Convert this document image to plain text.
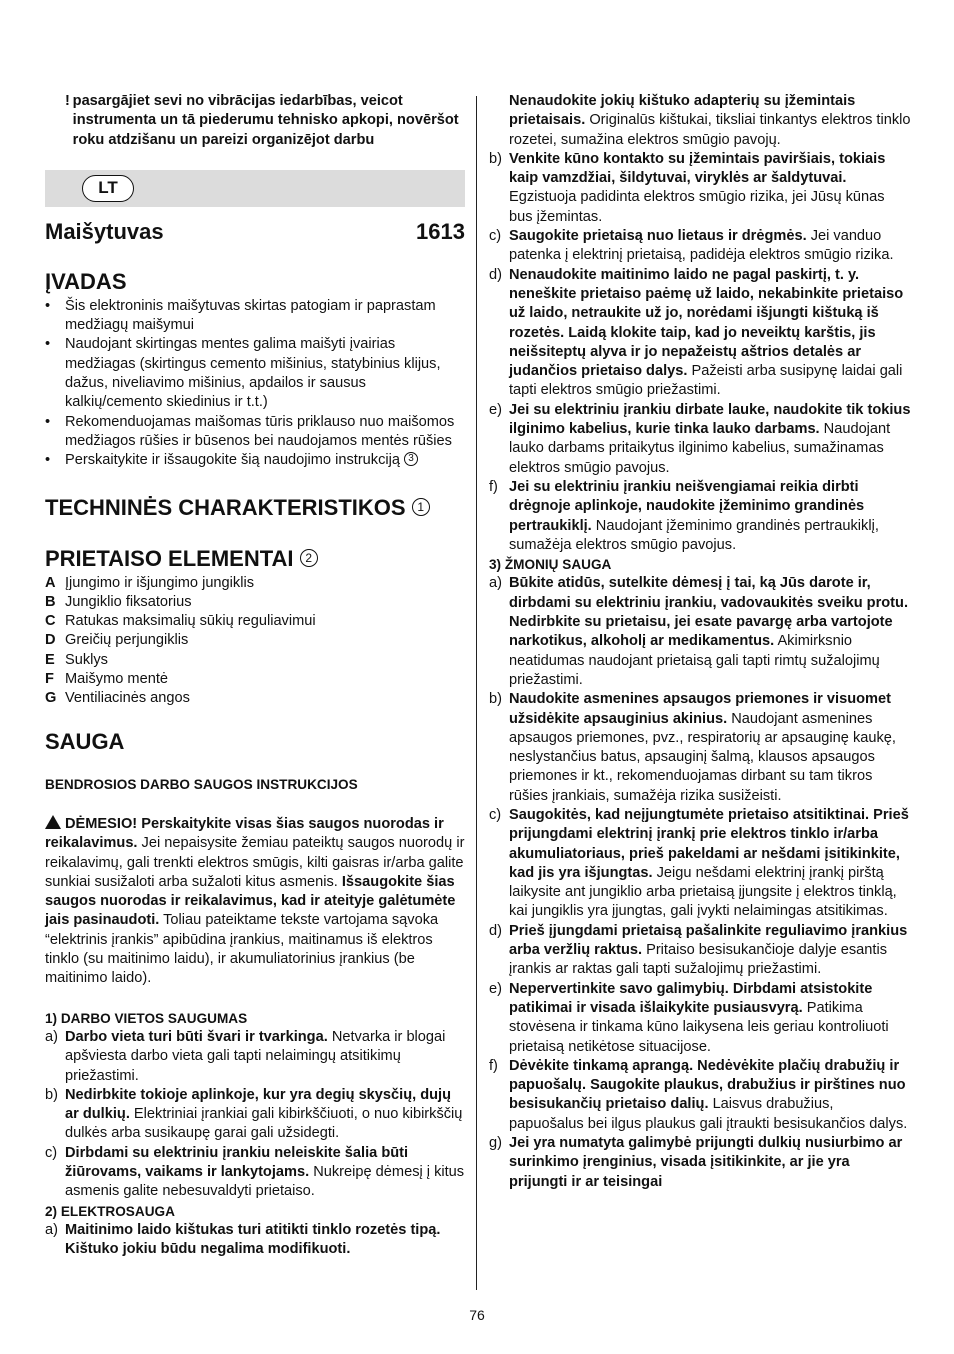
! pasargājiet sevi no vibrācijas iedarbības, veicot instrumenta un tā piederumu tehnisko apkopi, novēršot roku atdzišanu un pareizi organizējot darbu
LT
Maišytuvas	1613
ĮVADAS
•	Šis elektroninis maišytuvas skirtas patogiam ir paprastam medžiagų maišymui
•	Naudojant skirtingas mentes galima maišyti įvairias medžiagas (skirtingus cemento mišinius, statybinius klijus, dažus, niveliavimo mišinius, apdailos ir sausus kalkių/cemento skiedinius ir t.t.)
•	Rekomenduojamas maišomas tūris priklauso nuo maišomos medžiagos rūšies ir būsenos bei naudojamos mentės rūšies
•	Perskaitykite ir išsaugokite šią naudojimo instrukciją 3
TECHNINĖS CHARAKTERISTIKOS 1
PRIETAISO ELEMENTAI 2
A Įjungimo ir išjungimo jungiklis
B Jungiklio fiksatorius
C Ratukas maksimalių sūkių reguliavimui
D Greičių perjungiklis
E Suklys
F Maišymo mentė
G Ventiliacinės angos
SAUGA
BENDROSIOS DARBO SAUGOS INSTRUKCIJOS
DĖMESIO! Perskaitykite visas šias saugos nuorodas ir reikalavimus. Jei nepaisysite žemiau pateiktų saugos nuorodų ir reikalavimų, gali trenkti elektros smūgis, kilti gaisras ir/arba galite sunkiai susižaloti arba sužaloti kitus asmenis. Išsaugokite šias saugos nuorodas ir reikalavimus, kad ir ateityje galėtumėte jais pasinaudoti. Toliau pateiktame tekste vartojama sąvoka “elektrinis įrankis” apibūdina įrankius, maitinamus iš elektros tinklo (su maitinimo laidu), ir akumuliatorinius įrankius (be maitinimo laido).
1) DARBO VIETOS SAUGUMAS
a) Darbo vieta turi būti švari ir tvarkinga. Netvarka ir blogai apšviesta darbo vieta gali tapti nelaimingų atsitikimų priežastimi.
b) Nedirbkite tokioje aplinkoje, kur yra degių skysčių, dujų ar dulkių. Elektriniai įrankiai gali kibirkščiuoti, o nuo kibirkščių dulkės arba susikaupę garai gali užsidegti.
c) Dirbdami su elektriniu įrankiu neleiskite šalia būti žiūrovams, vaikams ir lankytojams. Nukreipę dėmesį į kitus asmenis galite nebesuvaldyti prietaiso.
2) ELEKTROSAUGA
a) Maitinimo laido kištukas turi atitikti tinklo rozetės tipą. Kištuko jokiu būdu negalima modifikuoti.
Nenaudokite jokių kištuko adapterių su įžemintais prietaisais. Originalūs kištukai, tiksliai tinkantys elektros tinklo rozetei, sumažina elektros smūgio pavojų.
b) Venkite kūno kontakto su įžemintais paviršiais, tokiais kaip vamzdžiai, šildytuvai, viryklės ar šaldytuvai. Egzistuoja padidinta elektros smūgio rizika, jei Jūsų kūnas bus įžemintas.
c) Saugokite prietaisą nuo lietaus ir drėgmės. Jei vanduo patenka į elektrinį prietaisą, padidėja elektros smūgio rizika.
d) Nenaudokite maitinimo laido ne pagal paskirtį, t. y. neneškite prietaiso paėmę už laido, nekabinkite prietaiso už laido, netraukite už jo, norėdami išjungti kištuką iš rozetės. Laidą klokite taip, kad jo neveiktų karštis, jis neišsiteptų alyva ir jo nepažeistų aštrios detalės ar judančios prietaiso dalys. Pažeisti arba susipynę laidai gali tapti elektros smūgio priežastimi.
e) Jei su elektriniu įrankiu dirbate lauke, naudokite tik tokius ilginimo kabelius, kurie tinka lauko darbams. Naudojant lauko darbams pritaikytus ilginimo kabelius, sumažinamas elektros smūgio pavojus.
f) Jei su elektriniu įrankiu neišvengiamai reikia dirbti drėgnoje aplinkoje, naudokite įžeminimo grandinės pertraukiklį. Naudojant įžeminimo grandinės pertraukiklį, sumažėja elektros smūgio pavojus.
3) ŽMONIŲ SAUGA
a) Būkite atidūs, sutelkite dėmesį į tai, ką Jūs darote ir, dirbdami su elektriniu įrankiu, vadovaukitės sveiku protu. Nedirbkite su prietaisu, jei esate pavargę arba vartojote narkotikus, alkoholį ar medikamentus. Akimirksnio neatidumas naudojant prietaisą gali tapti rimtų sužalojimų priežastimi.
b) Naudokite asmenines apsaugos priemones ir visuomet užsidėkite apsauginius akinius. Naudojant asmenines apsaugos priemones, pvz., respiratorių ar apsauginę kaukę, neslystančius batus, apsauginį šalmą, klausos apsaugos priemones ir kt., rekomenduojamas dirbant su tam tikros rūšies įrankiais, sumažėja rizika susižeisti.
c) Saugokitės, kad neįjungtumėte prietaiso atsitiktinai. Prieš prijungdami elektrinį įrankį prie elektros tinklo ir/arba akumuliatoriaus, prieš pakeldami ar nešdami įsitikinkite, kad jis yra išjungtas. Jeigu nešdami elektrinį įrankį pirštą laikysite ant jungiklio arba prietaisą įjungsite į elektros tinklą, kai jungiklis yra įjungtas, gali įvykti nelaimingas atsitikimas.
d) Prieš įjungdami prietaisą pašalinkite reguliavimo įrankius arba veržlių raktus. Pritaiso besisukančioje dalyje esantis įrankis ar raktas gali tapti sužalojimų priežastimi.
e) Nepervertinkite savo galimybių. Dirbdami atsistokite patikimai ir visada išlaikykite pusiausvyrą. Patikima stovėsena ir tinkama kūno laikysena leis geriau kontroliuoti prietaisą netikėtose situacijose.
f) Dėvėkite tinkamą aprangą. Nedėvėkite plačių drabužių ir papuošalų. Saugokite plaukus, drabužius ir pirštines nuo besisukančių prietaiso dalių. Laisvus drabužius, papuošalus bei ilgus plaukus gali įtraukti besisukančios dalys.
g) Jei yra numatyta galimybė prijungti dulkių nusiurbimo ar surinkimo įrenginius, visada įsitikinkite, ar jie yra prijungti ir ar teisingai
76
